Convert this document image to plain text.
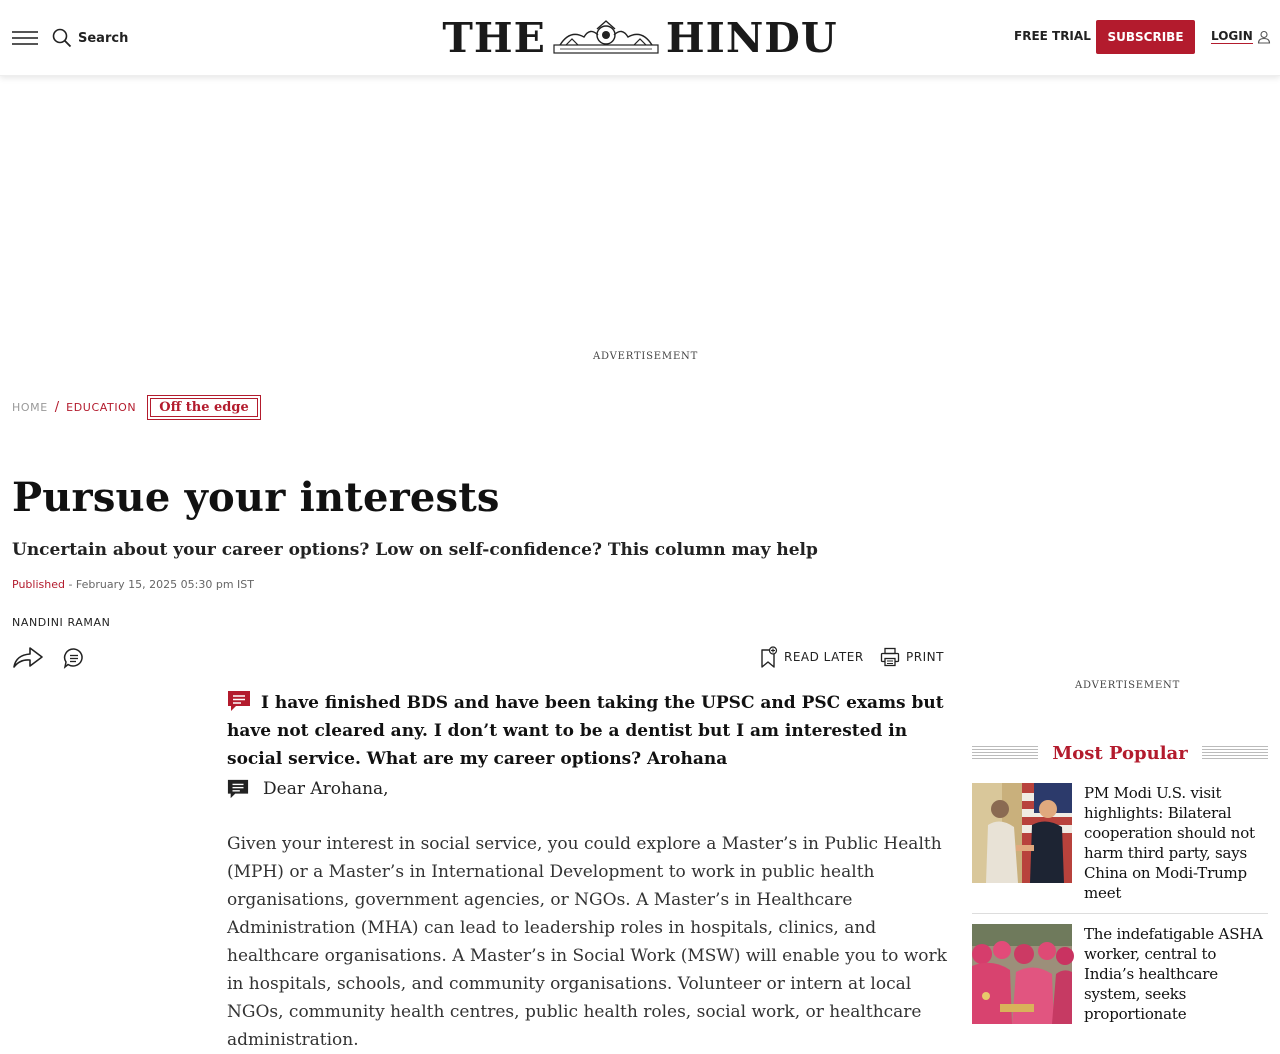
Search	THE	HINDU	FREE TRIAL	SUBSCRIBE	LOGIN
ADVERTISEMENT
HOME / EDUCATION	Off the edge
Pursue your interests
Uncertain about your career options? Low on self-confidence? This column may help
Published - February 15, 2025 05:30 pm IST
NANDINI RAMAN
READ LATER	PRINT
I have finished BDS and have been taking the UPSC and PSC exams but have not cleared any. I don’t want to be a dentist but I am interested in social service. What are my career options? Arohana
Dear Arohana,

Given your interest in social service, you could explore a Master’s in Public Health (MPH) or a Master’s in International Development to work in public health organisations, government agencies, or NGOs. A Master’s in Healthcare Administration (MHA) can lead to leadership roles in hospitals, clinics, and healthcare organisations. A Master’s in Social Work (MSW) will enable you to work in hospitals, schools, and community organisations. Volunteer or intern at local NGOs, community health centres, public health roles, social work, or healthcare administration.

ADVERTISEMENT
Most Popular
PM Modi U.S. visit highlights: Bilateral cooperation should not harm third party, says China on Modi-Trump meet
The indefatigable ASHA worker, central to India’s healthcare system, seeks proportionate
